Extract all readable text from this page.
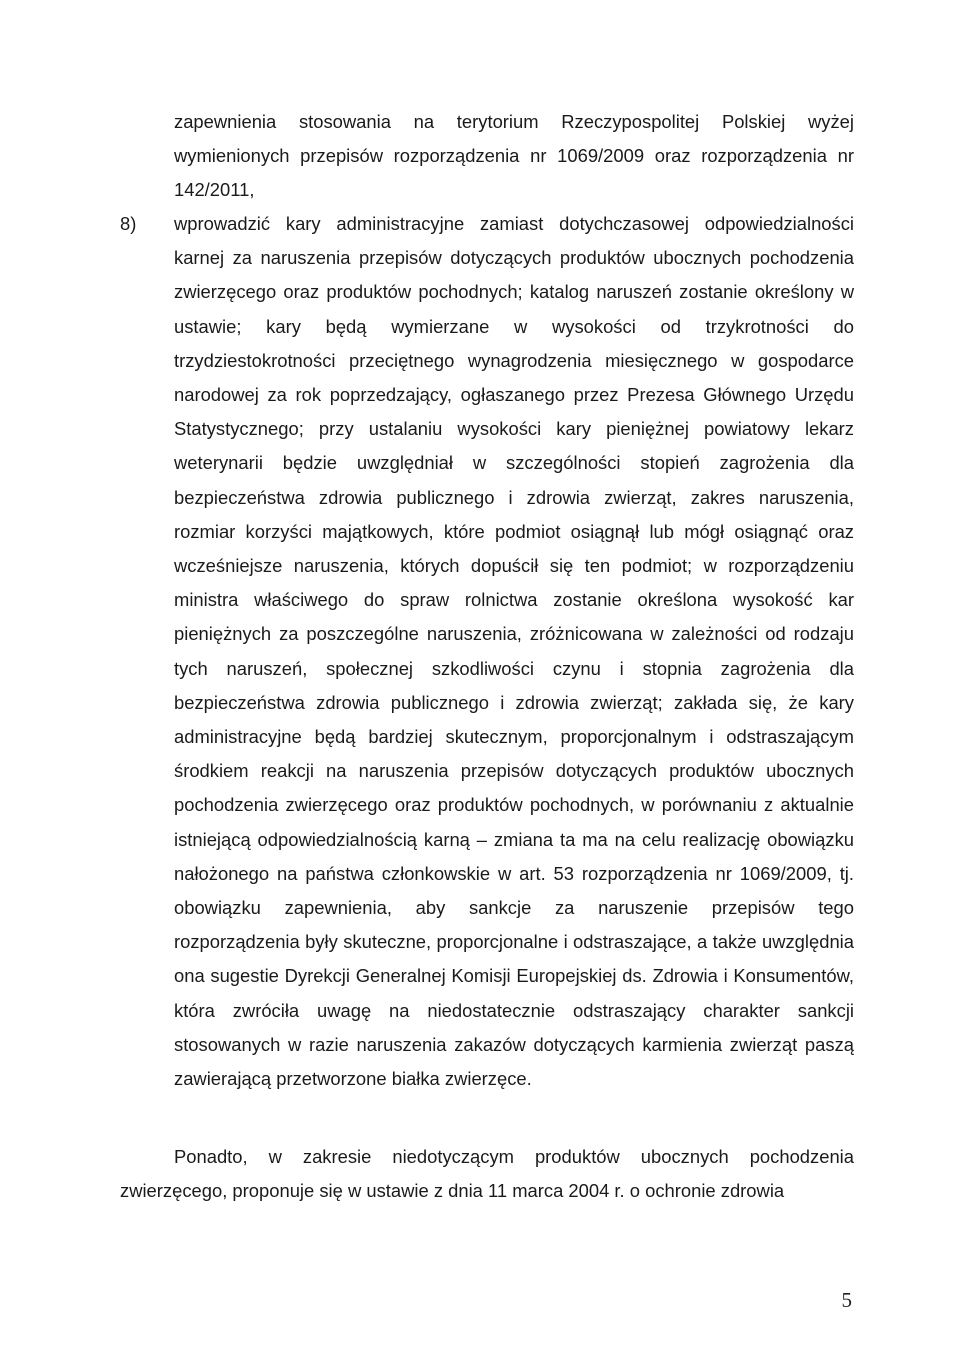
zapewnienia stosowania na terytorium Rzeczypospolitej Polskiej wyżej wymienionych przepisów rozporządzenia nr 1069/2009 oraz rozporządzenia nr 142/2011,

8)	wprowadzić kary administracyjne zamiast dotychczasowej odpowiedzialności karnej za naruszenia przepisów dotyczących produktów ubocznych pochodzenia zwierzęcego oraz produktów pochodnych; katalog naruszeń zostanie określony w ustawie; kary będą wymierzane w wysokości od trzykrotności do trzydziestokrotności przeciętnego wynagrodzenia miesięcznego w gospodarce narodowej za rok poprzedzający, ogłaszanego przez Prezesa Głównego Urzędu Statystycznego; przy ustalaniu wysokości kary pieniężnej powiatowy lekarz weterynarii będzie uwzględniał w szczególności stopień zagrożenia dla bezpieczeństwa zdrowia publicznego i zdrowia zwierząt, zakres naruszenia, rozmiar korzyści majątkowych, które podmiot osiągnął lub mógł osiągnąć oraz wcześniejsze naruszenia, których dopuścił się ten podmiot; w rozporządzeniu ministra właściwego do spraw rolnictwa zostanie określona wysokość kar pieniężnych za poszczególne naruszenia, zróżnicowana w zależności od rodzaju tych naruszeń, społecznej szkodliwości czynu i stopnia zagrożenia dla bezpieczeństwa zdrowia publicznego i zdrowia zwierząt; zakłada się, że kary administracyjne będą bardziej skutecznym, proporcjonalnym i odstraszającym środkiem reakcji na naruszenia przepisów dotyczących produktów ubocznych pochodzenia zwierzęcego oraz produktów pochodnych, w porównaniu z aktualnie istniejącą odpowiedzialnością karną – zmiana ta ma na celu realizację obowiązku nałożonego na państwa członkowskie w art. 53 rozporządzenia nr 1069/2009, tj. obowiązku zapewnienia, aby sankcje za naruszenie przepisów tego rozporządzenia były skuteczne, proporcjonalne i odstraszające, a także uwzględnia ona sugestie Dyrekcji Generalnej Komisji Europejskiej ds. Zdrowia i Konsumentów, która zwróciła uwagę na niedostatecznie odstraszający charakter sankcji stosowanych w razie naruszenia zakazów dotyczących karmienia zwierząt paszą zawierającą przetworzone białka zwierzęce.

Ponadto, w zakresie niedotyczącym produktów ubocznych pochodzenia zwierzęcego, proponuje się w ustawie z dnia 11 marca 2004 r. o ochronie zdrowia

5
